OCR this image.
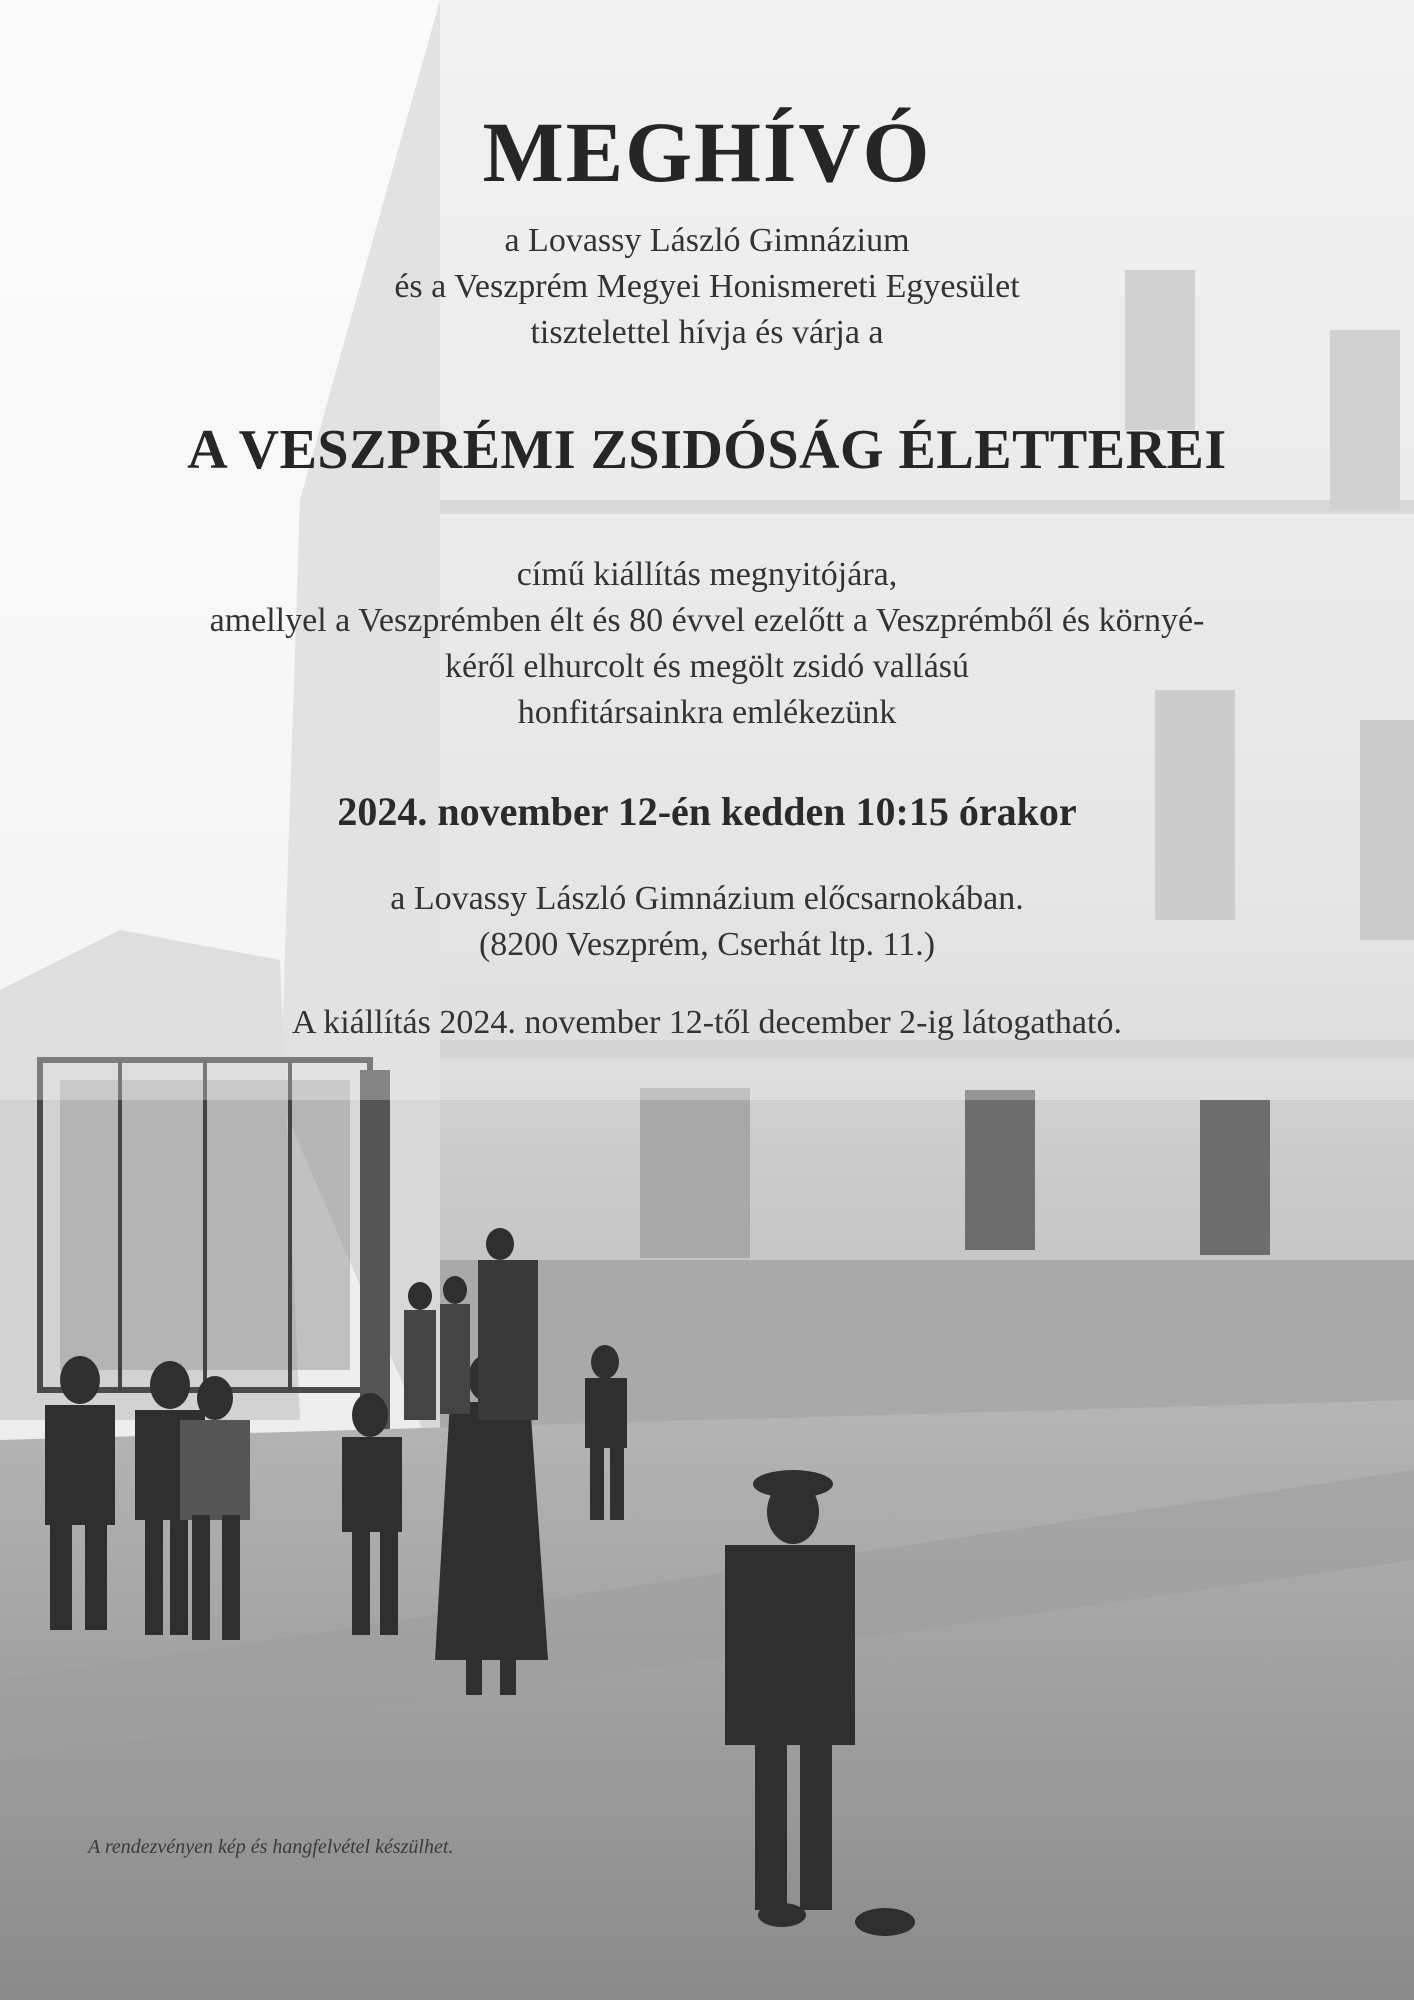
MEGHÍVÓ
a Lovassy László Gimnázium
és a Veszprém Megyei Honismereti Egyesület
tisztelettel hívja és várja a
A VESZPRÉMI ZSIDÓSÁG ÉLETTEREI
című kiállítás megnyitójára,
amellyel a Veszprémben élt és 80 évvel ezelőtt a Veszprémből és környé-
kéről elhurcolt és megölt zsidó vallású
honfitársainkra emlékezünk
2024. november 12-én kedden 10:15 órakor
a Lovassy László Gimnázium előcsarnokában.
(8200 Veszprém, Cserhát ltp. 11.)
A kiállítás 2024. november 12-től december 2-ig látogatható.

A rendezvényen kép és hangfelvétel készülhet.
